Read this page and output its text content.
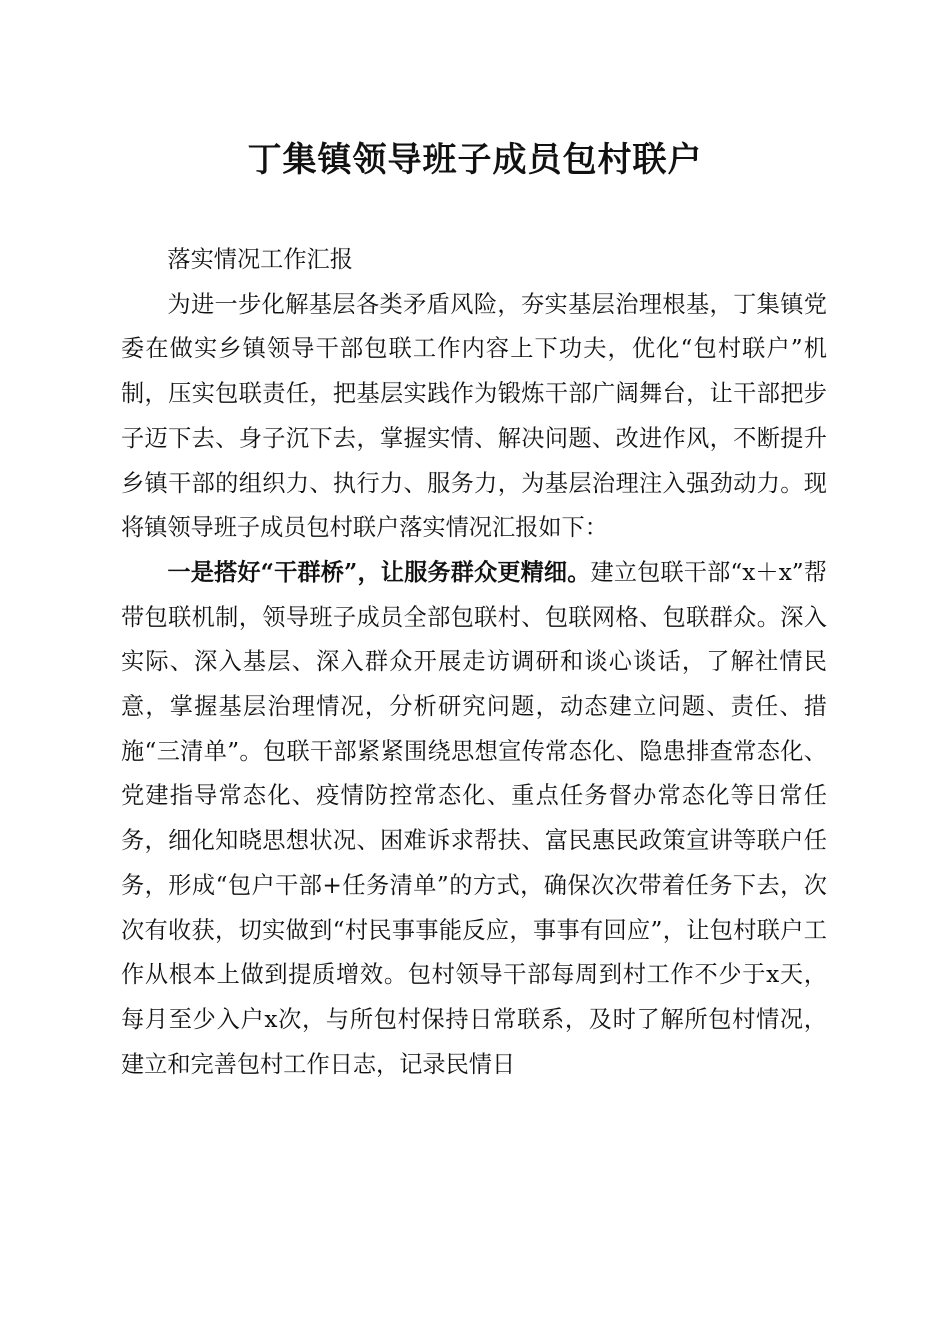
丁集镇领导班子成员包村联户

落实情况工作汇报

为进一步化解基层各类矛盾风险，夯实基层治理根基，丁集镇党委在做实乡镇领导干部包联工作内容上下功夫，优化“包村联户”机制，压实包联责任，把基层实践作为锻炼干部广阔舞台，让干部把步子迈下去、身子沉下去，掌握实情、解决问题、改进作风，不断提升乡镇干部的组织力、执行力、服务力，为基层治理注入强劲动力。现将镇领导班子成员包村联户落实情况汇报如下：

一是搭好“干群桥”，让服务群众更精细。建立包联干部“x＋x”帮带包联机制，领导班子成员全部包联村、包联网格、包联群众。深入实际、深入基层、深入群众开展走访调研和谈心谈话，了解社情民意，掌握基层治理情况，分析研究问题，动态建立问题、责任、措施“三清单”。包联干部紧紧围绕思想宣传常态化、隐患排查常态化、党建指导常态化、疫情防控常态化、重点任务督办常态化等日常任务，细化知晓思想状况、困难诉求帮扶、富民惠民政策宣讲等联户任务，形成“包户干部+任务清单”的方式，确保次次带着任务下去，次次有收获，切实做到“村民事事能反应，事事有回应”，让包村联户工作从根本上做到提质增效。包村领导干部每周到村工作不少于x天，每月至少入户x次，与所包村保持日常联系，及时了解所包村情况，建立和完善包村工作日志，记录民情日
